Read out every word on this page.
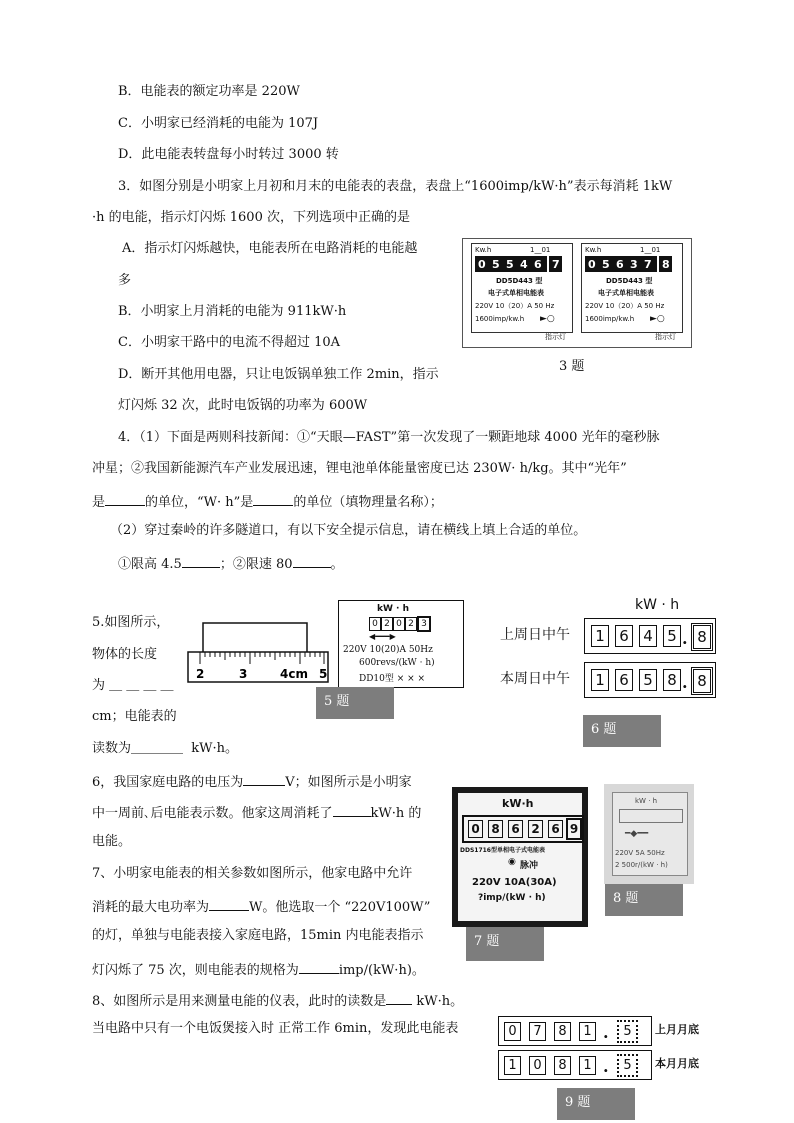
B．电能表的额定功率是 220W
C．小明家已经消耗的电能为 107J
D．此电能表转盘每小时转过 3000 转
3．如图分别是小明家上月初和月末的电能表的表盘，表盘上“1600imp/kW·h”表示每消耗 1kW
·h 的电能，指示灯闪烁 1600 次，下列选项中正确的是
A．指示灯闪烁越快，电能表所在电路消耗的电能越
多
B．小明家上月消耗的电能为 911kW·h
C．小明家干路中的电流不得超过 10A
D．断开其他用电器，只让电饭锅单独工作 2min，指示
灯闪烁 32 次，此时电饭锅的功率为 600W
Kw.h	1__01
0 5 5 4 6 7
DD5D443 型
电子式单相电能表
220V 10（20）A 50 Hz
1600imp/kw.h ►○
指示灯
Kw.h	1__01
0 5 6 3 7 8
DD5D443 型
电子式单相电能表
220V 10（20）A 50 Hz
1600imp/kw.h ►○
指示灯
3 题
4．（1）下面是两则科技新闻：①“天眼—FAST”第一次发现了一颗距地球 4000 光年的毫秒脉
冲星；②我国新能源汽车产业发展迅速，锂电池单体能量密度已达 230W· h/kg。其中“光年”
是	的单位，“W· h”是	的单位（填物理量名称）；
（2）穿过秦岭的许多隧道口，有以下安全提示信息，请在横线上填上合适的单位。
①限高 4.5	；②限速 80	。
5.如图所示，
物体的长度
为 ＿ ＿ ＿ ＿
cm；电能表的
读数为＿＿＿＿ kW·h。
2	3	4cm 5
kW · h
0 2 0 2 3
◀━━━▶
220V 10(20)A 50Hz
600revs/(kW · h)
DD10型 × × ×
5 题
kW · h
上周日中午 1 6 4 5 . 8
本周日中午 1 6 5 8 . 8
6 题
6，我国家庭电路的电压为	V；如图所示是小明家
中一周前､后电能表示数。他家这周消耗了	kW·h 的
电能。
7、小明家电能表的相关参数如图所示，他家电路中允许
消耗的最大电功率为	W。他选取一个 “220V100W”
的灯，单独与电能表接入家庭电路，15min 内电能表指示
灯闪烁了 75 次，则电能表的规格为	imp/(kW·h)。
kW·h
0 8 6 2 6 9
DDS1716型单相电子式电能表
◉ 脉冲
220V 10A(30A)
?imp/(kW · h)
7 题
kW · h
━◆━━
220V 5A 50Hz
2 500r/(kW · h)
8 题
8、如图所示是用来测量电能的仪表，此时的读数是 kW·h。
当电路中只有一个电饭煲接入时 正常工作 6min，发现此电能表	0	7	8	1 .	5	上月月底
1	0	8	1 .	5	本月月底
9 题
